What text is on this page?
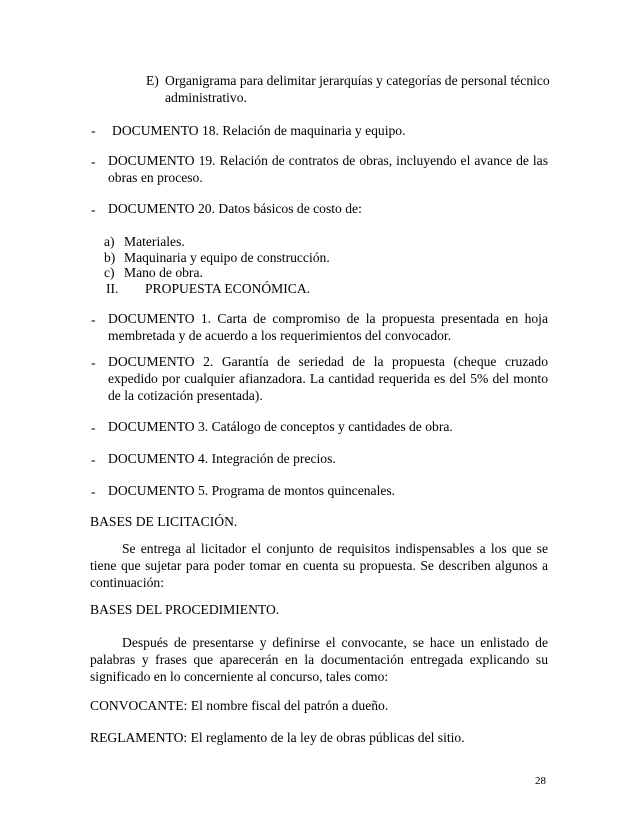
E) Organigrama para delimitar jerarquías y categorías de personal técnico
administrativo.
- DOCUMENTO 18. Relación de maquinaria y equipo.
- DOCUMENTO 19. Relación de contratos de obras, incluyendo el avance de las obras en proceso.
- DOCUMENTO 20. Datos básicos de costo de:
a) Materiales.
b) Maquinaria y equipo de construcción.
c) Mano de obra.
II. PROPUESTA ECONÓMICA.
- DOCUMENTO 1. Carta de compromiso de la propuesta presentada en hoja membretada y de acuerdo a los requerimientos del convocador.
- DOCUMENTO 2. Garantía de seriedad de la propuesta (cheque cruzado expedido por cualquier afianzadora. La cantidad requerida es del 5% del monto de la cotización presentada).
- DOCUMENTO 3. Catálogo de conceptos y cantidades de obra.
- DOCUMENTO 4. Integración de precios.
- DOCUMENTO 5. Programa de montos quincenales.
BASES DE LICITACIÓN.
Se entrega al licitador el conjunto de requisitos indispensables a los que se tiene que sujetar para poder tomar en cuenta su propuesta. Se describen algunos a continuación:
BASES DEL PROCEDIMIENTO.
Después de presentarse y definirse el convocante, se hace un enlistado de palabras y frases que aparecerán en la documentación entregada explicando su significado en lo concerniente al concurso, tales como:
CONVOCANTE: El nombre fiscal del patrón a dueño.
REGLAMENTO: El reglamento de la ley de obras públicas del sitio.
28
